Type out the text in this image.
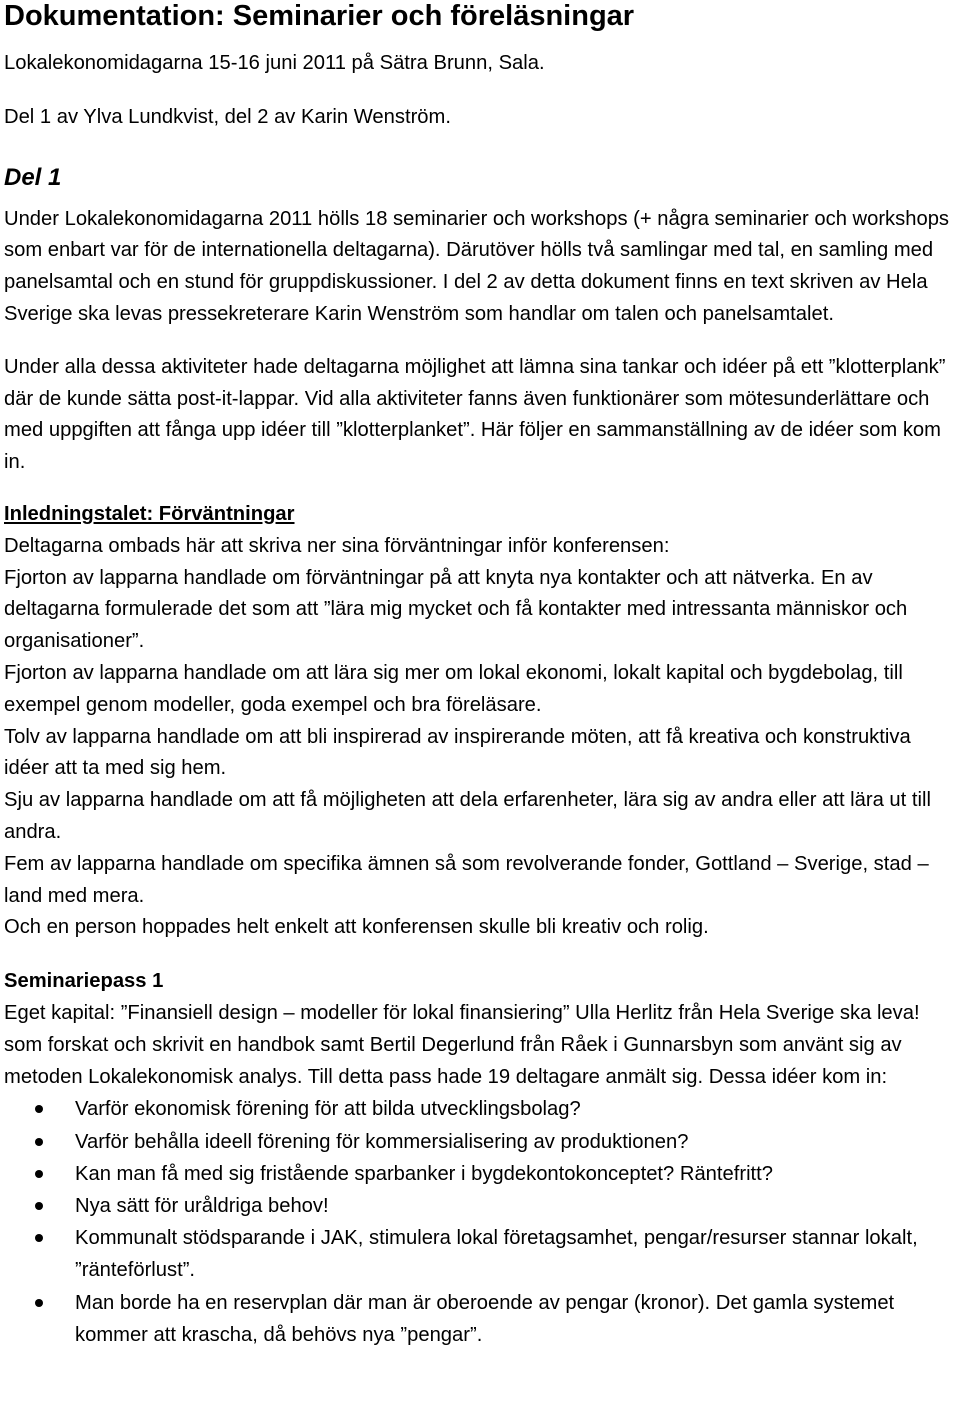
Dokumentation: Seminarier och föreläsningar

Lokalekonomidagarna 15-16 juni 2011 på Sätra Brunn, Sala.

Del 1 av Ylva Lundkvist, del 2 av Karin Wenström.

Del 1

Under Lokalekonomidagarna 2011 hölls 18 seminarier och workshops (+ några seminarier och workshops som enbart var för de internationella deltagarna). Därutöver hölls två samlingar med tal, en samling med panelsamtal och en stund för gruppdiskussioner. I del 2 av detta dokument finns en text skriven av Hela Sverige ska levas pressekreterare Karin Wenström som handlar om talen och panelsamtalet.

Under alla dessa aktiviteter hade deltagarna möjlighet att lämna sina tankar och idéer på ett ”klotterplank” där de kunde sätta post-it-lappar. Vid alla aktiviteter fanns även funktionärer som mötesunderlättare och med uppgiften att fånga upp idéer till ”klotterplanket”. Här följer en sammanställning av de idéer som kom in.

Inledningstalet: Förväntningar

Deltagarna ombads här att skriva ner sina förväntningar inför konferensen:

Fjorton av lapparna handlade om förväntningar på att knyta nya kontakter och att nätverka. En av deltagarna formulerade det som att ”lära mig mycket och få kontakter med intressanta människor och organisationer”.

Fjorton av lapparna handlade om att lära sig mer om lokal ekonomi, lokalt kapital och bygdebolag, till exempel genom modeller, goda exempel och bra föreläsare.

Tolv av lapparna handlade om att bli inspirerad av inspirerande möten, att få kreativa och konstruktiva idéer att ta med sig hem.

Sju av lapparna handlade om att få möjligheten att dela erfarenheter, lära sig av andra eller att lära ut till andra.

Fem av lapparna handlade om specifika ämnen så som revolverande fonder, Gottland – Sverige, stad – land med mera.

Och en person hoppades helt enkelt att konferensen skulle bli kreativ och rolig.

Seminariepass 1

Eget kapital: ”Finansiell design – modeller för lokal finansiering” Ulla Herlitz från Hela Sverige ska leva! som forskat och skrivit en handbok samt Bertil Degerlund från Råek i Gunnarsbyn som använt sig av metoden Lokalekonomisk analys. Till detta pass hade 19 deltagare anmält sig. Dessa idéer kom in:

Varför ekonomisk förening för att bilda utvecklingsbolag?
Varför behålla ideell förening för kommersialisering av produktionen?
Kan man få med sig fristående sparbanker i bygdekontokonceptet? Räntefritt?
Nya sätt för uråldriga behov!
Kommunalt stödsparande i JAK, stimulera lokal företagsamhet, pengar/resurser stannar lokalt, ”ränteförlust”.
Man borde ha en reservplan där man är oberoende av pengar (kronor). Det gamla systemet kommer att krascha, då behövs nya ”pengar”.
